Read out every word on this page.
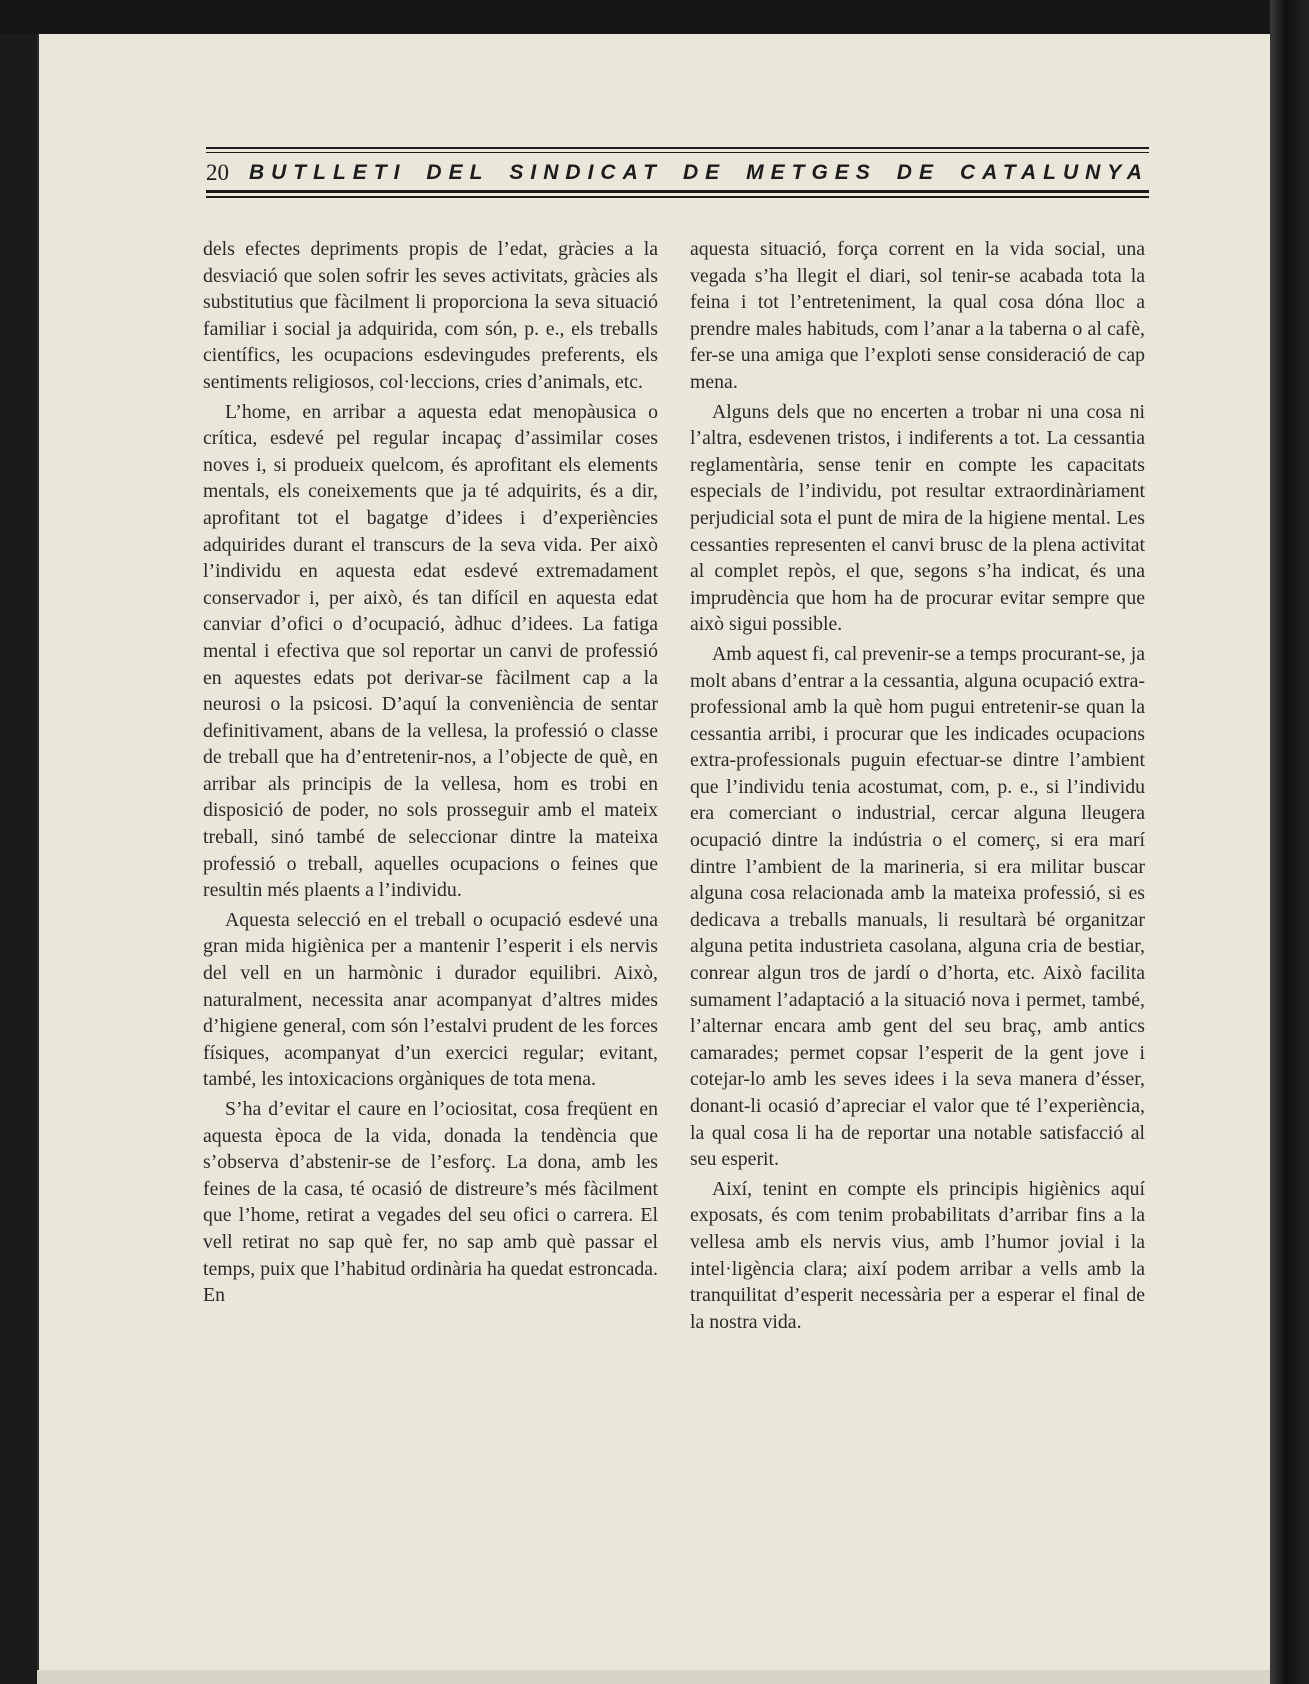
20 BUTLLETI DEL SINDICAT DE METGES DE CATALUNYA

dels efectes depriments propis de l’edat, gràcies a la desviació que solen sofrir les seves activitats, gràcies als substitutius que fàcilment li proporciona la seva situació familiar i social ja adquirida, com són, p. e., els treballs científics, les ocupacions esdevingudes preferents, els sentiments religiosos, col·leccions, cries d’animals, etc.

L’home, en arribar a aquesta edat menopàusica o crítica, esdevé pel regular incapaç d’assimilar coses noves i, si produeix quelcom, és aprofitant els elements mentals, els coneixements que ja té adquirits, és a dir, aprofitant tot el bagatge d’idees i d’experiències adquirides durant el transcurs de la seva vida. Per això l’individu en aquesta edat esdevé extremadament conservador i, per això, és tan difícil en aquesta edat canviar d’ofici o d’ocupació, àdhuc d’idees. La fatiga mental i efectiva que sol reportar un canvi de professió en aquestes edats pot derivar-se fàcilment cap a la neurosi o la psicosi. D’aquí la conveniència de sentar definitivament, abans de la vellesa, la professió o classe de treball que ha d’entretenir-nos, a l’objecte de què, en arribar als principis de la vellesa, hom es trobi en disposició de poder, no sols prosseguir amb el mateix treball, sinó també de seleccionar dintre la mateixa professió o treball, aquelles ocupacions o feines que resultin més plaents a l’individu.

Aquesta selecció en el treball o ocupació esdevé una gran mida higiènica per a mantenir l’esperit i els nervis del vell en un harmònic i durador equilibri. Això, naturalment, necessita anar acompanyat d’altres mides d’higiene general, com són l’estalvi prudent de les forces físiques, acompanyat d’un exercici regular; evitant, també, les intoxicacions orgàniques de tota mena.

S’ha d’evitar el caure en l’ociositat, cosa freqüent en aquesta època de la vida, donada la tendència que s’observa d’abstenir-se de l’esforç. La dona, amb les feines de la casa, té ocasió de distreure’s més fàcilment que l’home, retirat a vegades del seu ofici o carrera. El vell retirat no sap què fer, no sap amb què passar el temps, puix que l’habitud ordinària ha quedat estroncada. En

aquesta situació, força corrent en la vida social, una vegada s’ha llegit el diari, sol tenir-se acabada tota la feina i tot l’entreteniment, la qual cosa dóna lloc a prendre males habituds, com l’anar a la taberna o al cafè, fer-se una amiga que l’exploti sense consideració de cap mena.

Alguns dels que no encerten a trobar ni una cosa ni l’altra, esdevenen tristos, i indiferents a tot. La cessantia reglamentària, sense tenir en compte les capacitats especials de l’individu, pot resultar extraordinàriament perjudicial sota el punt de mira de la higiene mental. Les cessanties representen el canvi brusc de la plena activitat al complet repòs, el que, segons s’ha indicat, és una imprudència que hom ha de procurar evitar sempre que això sigui possible.

Amb aquest fi, cal prevenir-se a temps procurant-se, ja molt abans d’entrar a la cessantia, alguna ocupació extra-professional amb la què hom pugui entretenir-se quan la cessantia arribi, i procurar que les indicades ocupacions extra-professionals puguin efectuar-se dintre l’ambient que l’individu tenia acostumat, com, p. e., si l’individu era comerciant o industrial, cercar alguna lleugera ocupació dintre la indústria o el comerç, si era marí dintre l’ambient de la marineria, si era militar buscar alguna cosa relacionada amb la mateixa professió, si es dedicava a treballs manuals, li resultarà bé organitzar alguna petita industrieta casolana, alguna cria de bestiar, conrear algun tros de jardí o d’horta, etc. Això facilita sumament l’adaptació a la situació nova i permet, també, l’alternar encara amb gent del seu braç, amb antics camarades; permet copsar l’esperit de la gent jove i cotejar-lo amb les seves idees i la seva manera d’ésser, donant-li ocasió d’apreciar el valor que té l’experiència, la qual cosa li ha de reportar una notable satisfacció al seu esperit.

Així, tenint en compte els principis higiènics aquí exposats, és com tenim probabilitats d’arribar fins a la vellesa amb els nervis vius, amb l’humor jovial i la intel·ligència clara; així podem arribar a vells amb la tranquilitat d’esperit necessària per a esperar el final de la nostra vida.
